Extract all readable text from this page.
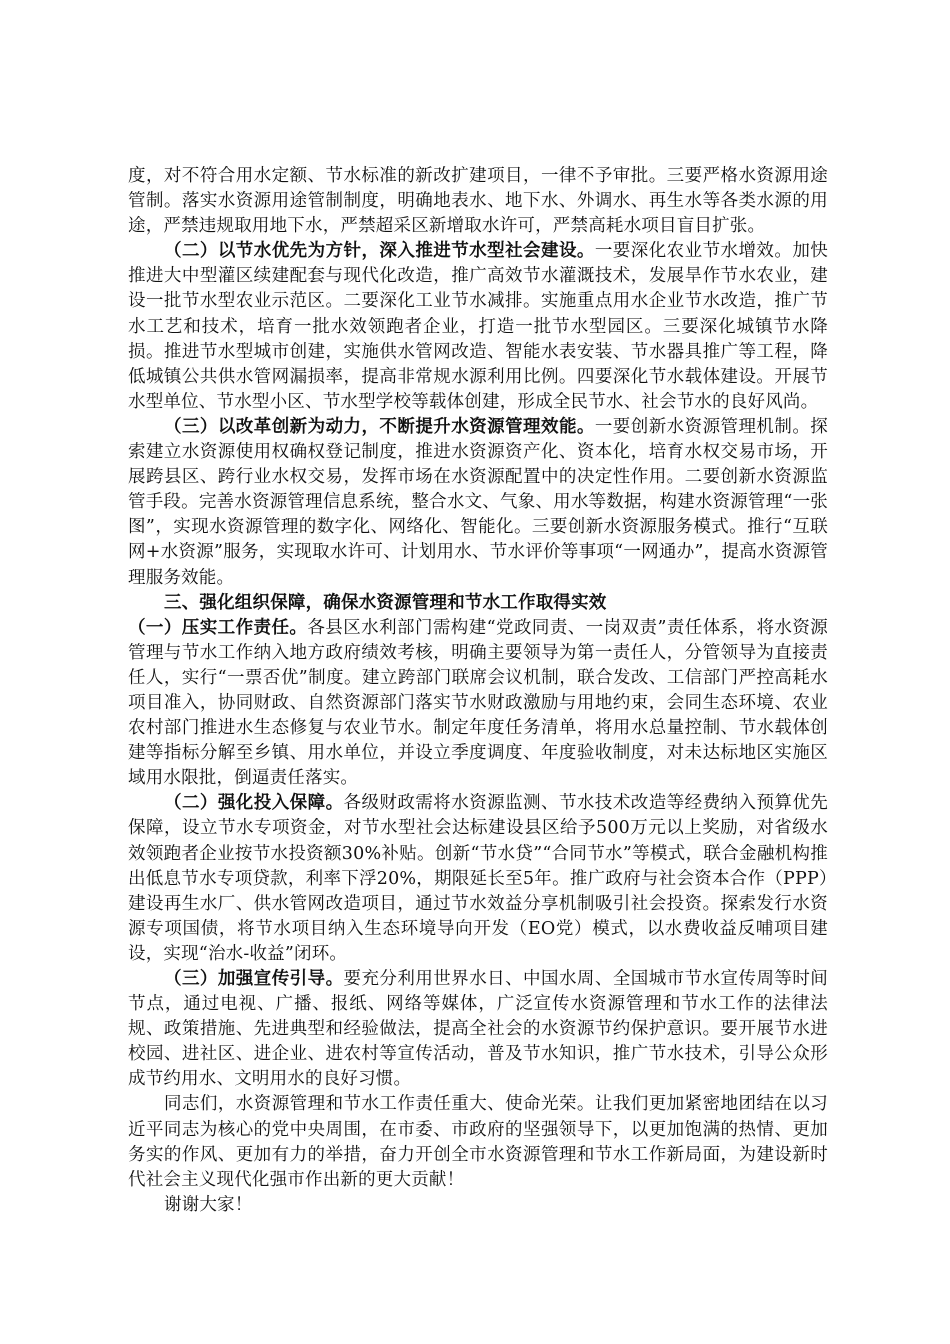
度，对不符合用水定额、节水标准的新改扩建项目，一律不予审批。三要严格水资源用途管制。落实水资源用途管制制度，明确地表水、地下水、外调水、再生水等各类水源的用途，严禁违规取用地下水，严禁超采区新增取水许可，严禁高耗水项目盲目扩张。

（二）以节水优先为方针，深入推进节水型社会建设。一要深化农业节水增效。加快推进大中型灌区续建配套与现代化改造，推广高效节水灌溉技术，发展旱作节水农业，建设一批节水型农业示范区。二要深化工业节水减排。实施重点用水企业节水改造，推广节水工艺和技术，培育一批水效领跑者企业，打造一批节水型园区。三要深化城镇节水降损。推进节水型城市创建，实施供水管网改造、智能水表安装、节水器具推广等工程，降低城镇公共供水管网漏损率，提高非常规水源利用比例。四要深化节水载体建设。开展节水型单位、节水型小区、节水型学校等载体创建，形成全民节水、社会节水的良好风尚。

（三）以改革创新为动力，不断提升水资源管理效能。一要创新水资源管理机制。探索建立水资源使用权确权登记制度，推进水资源资产化、资本化，培育水权交易市场，开展跨县区、跨行业水权交易，发挥市场在水资源配置中的决定性作用。二要创新水资源监管手段。完善水资源管理信息系统，整合水文、气象、用水等数据，构建水资源管理“一张图”，实现水资源管理的数字化、网络化、智能化。三要创新水资源服务模式。推行“互联网+水资源”服务，实现取水许可、计划用水、节水评价等事项“一网通办”，提高水资源管理服务效能。

三、强化组织保障，确保水资源管理和节水工作取得实效

（一）压实工作责任。各县区水利部门需构建“党政同责、一岗双责”责任体系，将水资源管理与节水工作纳入地方政府绩效考核，明确主要领导为第一责任人，分管领导为直接责任人，实行“一票否优”制度。建立跨部门联席会议机制，联合发改、工信部门严控高耗水项目准入，协同财政、自然资源部门落实节水财政激励与用地约束，会同生态环境、农业农村部门推进水生态修复与农业节水。制定年度任务清单，将用水总量控制、节水载体创建等指标分解至乡镇、用水单位，并设立季度调度、年度验收制度，对未达标地区实施区域用水限批，倒逼责任落实。

（二）强化投入保障。各级财政需将水资源监测、节水技术改造等经费纳入预算优先保障，设立节水专项资金，对节水型社会达标建设县区给予500万元以上奖励，对省级水效领跑者企业按节水投资额30%补贴。创新“节水贷”“合同节水”等模式，联合金融机构推出低息节水专项贷款，利率下浮20%，期限延长至5年。推广政府与社会资本合作（PPP）建设再生水厂、供水管网改造项目，通过节水效益分享机制吸引社会投资。探索发行水资源专项国债，将节水项目纳入生态环境导向开发（EO党）模式，以水费收益反哺项目建设，实现“治水-收益”闭环。

（三）加强宣传引导。要充分利用世界水日、中国水周、全国城市节水宣传周等时间节点，通过电视、广播、报纸、网络等媒体，广泛宣传水资源管理和节水工作的法律法规、政策措施、先进典型和经验做法，提高全社会的水资源节约保护意识。要开展节水进校园、进社区、进企业、进农村等宣传活动，普及节水知识，推广节水技术，引导公众形成节约用水、文明用水的良好习惯。

同志们，水资源管理和节水工作责任重大、使命光荣。让我们更加紧密地团结在以习近平同志为核心的党中央周围，在市委、市政府的坚强领导下，以更加饱满的热情、更加务实的作风、更加有力的举措，奋力开创全市水资源管理和节水工作新局面，为建设新时代社会主义现代化强市作出新的更大贡献！

谢谢大家！
